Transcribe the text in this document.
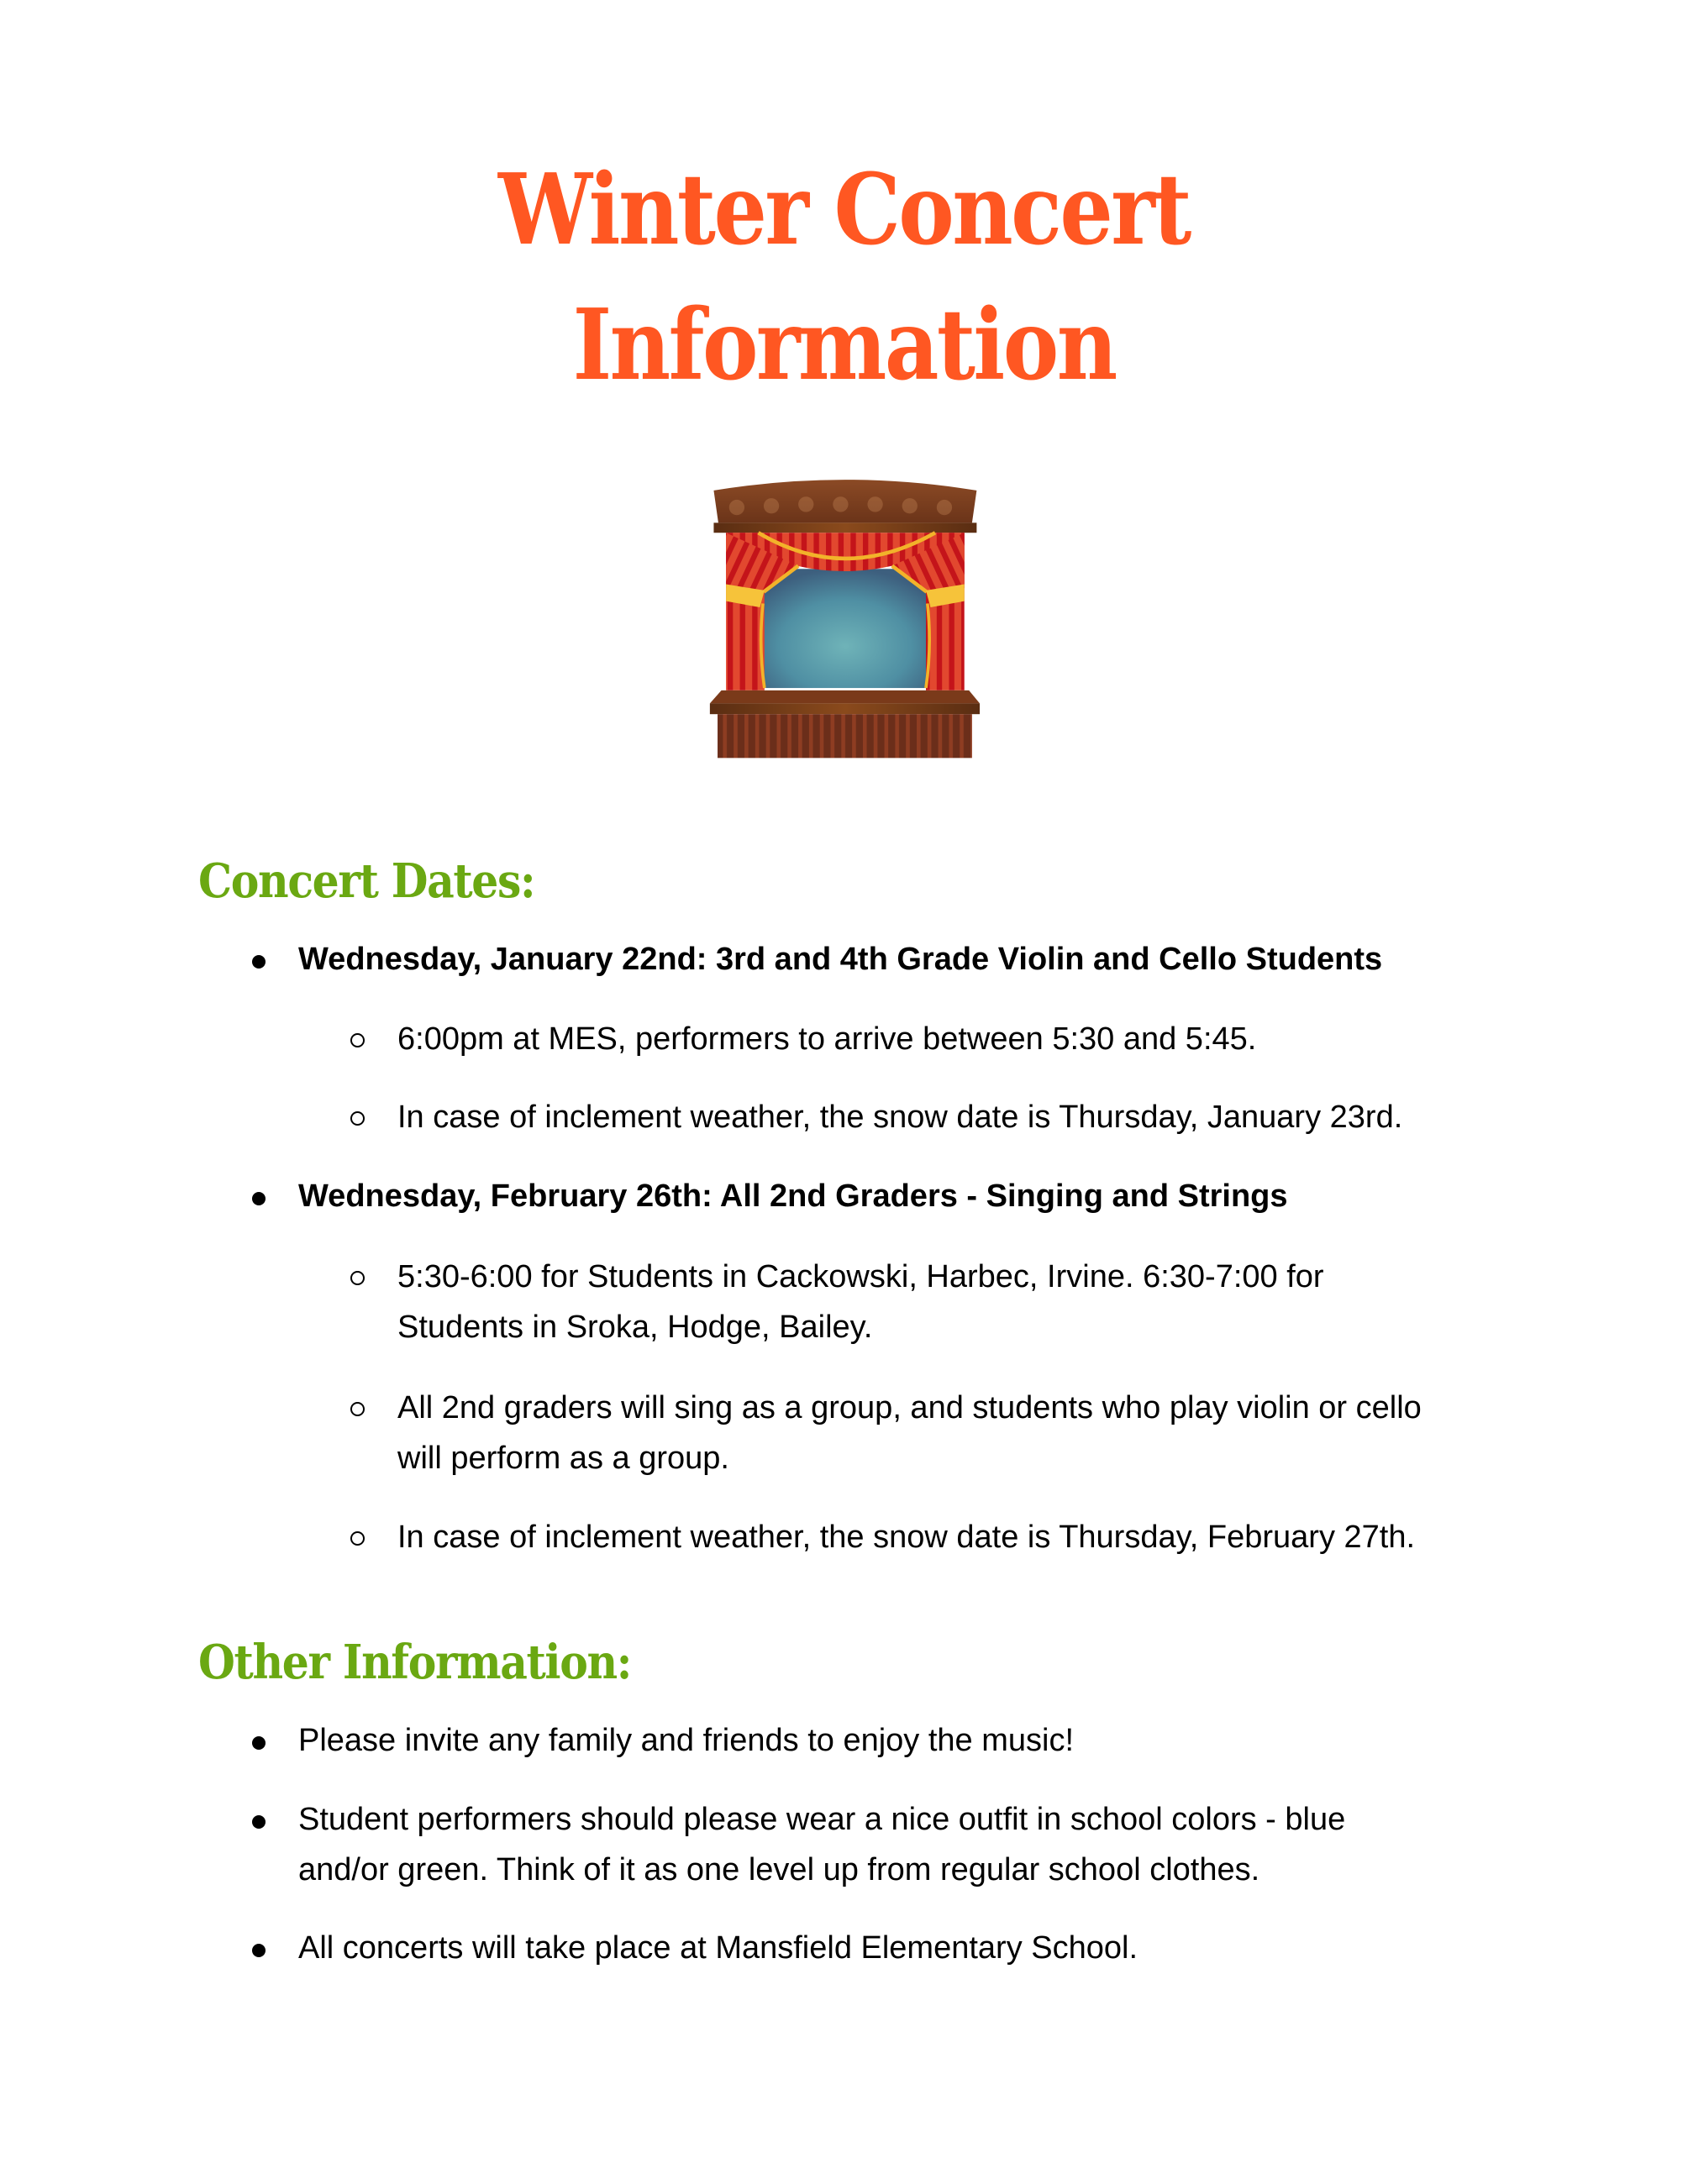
Winter Concert
Information
Concert Dates:
Wednesday, January 22nd: 3rd and 4th Grade Violin and Cello Students
6:00pm at MES, performers to arrive between 5:30 and 5:45.
In case of inclement weather, the snow date is Thursday, January 23rd.
Wednesday, February 26th: All 2nd Graders - Singing and Strings
5:30-6:00 for Students in Cackowski, Harbec, Irvine. 6:30-7:00 for
Students in Sroka, Hodge, Bailey.
All 2nd graders will sing as a group, and students who play violin or cello
will perform as a group.
In case of inclement weather, the snow date is Thursday, February 27th.
Other Information:
Please invite any family and friends to enjoy the music!
Student performers should please wear a nice outfit in school colors - blue
and/or green. Think of it as one level up from regular school clothes.
All concerts will take place at Mansfield Elementary School.
